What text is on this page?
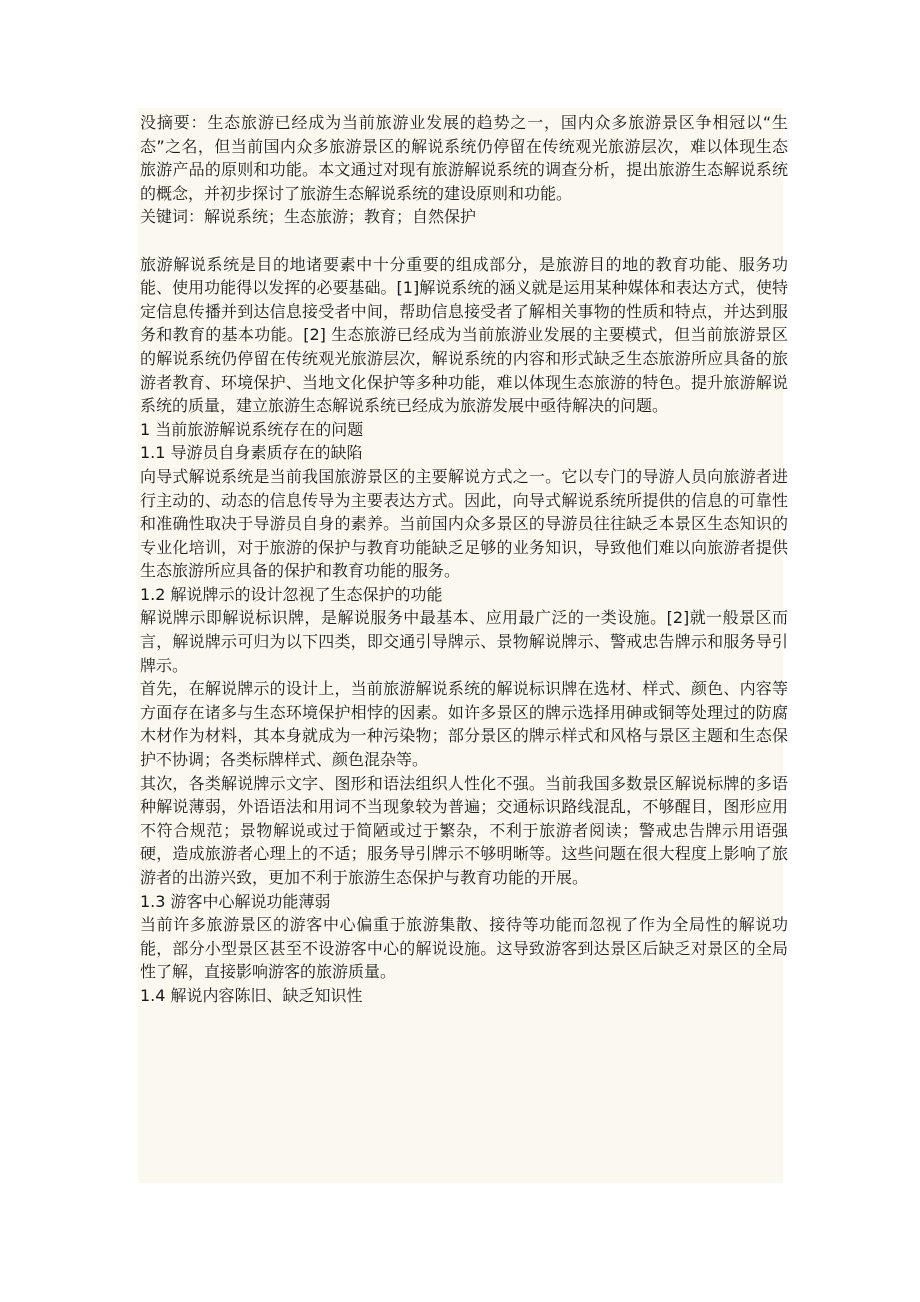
没摘要：生态旅游已经成为当前旅游业发展的趋势之一，国内众多旅游景区争相冠以“生态”之名，但当前国内众多旅游景区的解说系统仍停留在传统观光旅游层次，难以体现生态旅游产品的原则和功能。本文通过对现有旅游解说系统的调查分析，提出旅游生态解说系统的概念，并初步探讨了旅游生态解说系统的建设原则和功能。

关键词：解说系统；生态旅游；教育；自然保护

旅游解说系统是目的地诸要素中十分重要的组成部分，是旅游目的地的教育功能、服务功能、使用功能得以发挥的必要基础。[1]解说系统的涵义就是运用某种媒体和表达方式，使特定信息传播并到达信息接受者中间，帮助信息接受者了解相关事物的性质和特点，并达到服务和教育的基本功能。[2] 生态旅游已经成为当前旅游业发展的主要模式，但当前旅游景区的解说系统仍停留在传统观光旅游层次，解说系统的内容和形式缺乏生态旅游所应具备的旅游者教育、环境保护、当地文化保护等多种功能，难以体现生态旅游的特色。提升旅游解说系统的质量，建立旅游生态解说系统已经成为旅游发展中亟待解决的问题。

1 当前旅游解说系统存在的问题

1.1 导游员自身素质存在的缺陷

向导式解说系统是当前我国旅游景区的主要解说方式之一。它以专门的导游人员向旅游者进行主动的、动态的信息传导为主要表达方式。因此，向导式解说系统所提供的信息的可靠性和准确性取决于导游员自身的素养。当前国内众多景区的导游员往往缺乏本景区生态知识的专业化培训，对于旅游的保护与教育功能缺乏足够的业务知识，导致他们难以向旅游者提供生态旅游所应具备的保护和教育功能的服务。

1.2 解说牌示的设计忽视了生态保护的功能

解说牌示即解说标识牌，是解说服务中最基本、应用最广泛的一类设施。[2]就一般景区而言，解说牌示可归为以下四类，即交通引导牌示、景物解说牌示、警戒忠告牌示和服务导引牌示。

首先，在解说牌示的设计上，当前旅游解说系统的解说标识牌在选材、样式、颜色、内容等方面存在诸多与生态环境保护相悖的因素。如许多景区的牌示选择用砷或铜等处理过的防腐木材作为材料，其本身就成为一种污染物；部分景区的牌示样式和风格与景区主题和生态保护不协调；各类标牌样式、颜色混杂等。

其次，各类解说牌示文字、图形和语法组织人性化不强。当前我国多数景区解说标牌的多语种解说薄弱，外语语法和用词不当现象较为普遍；交通标识路线混乱，不够醒目，图形应用不符合规范；景物解说或过于简陋或过于繁杂，不利于旅游者阅读；警戒忠告牌示用语强硬，造成旅游者心理上的不适；服务导引牌示不够明晰等。这些问题在很大程度上影响了旅游者的出游兴致，更加不利于旅游生态保护与教育功能的开展。

1.3 游客中心解说功能薄弱

当前许多旅游景区的游客中心偏重于旅游集散、接待等功能而忽视了作为全局性的解说功能，部分小型景区甚至不设游客中心的解说设施。这导致游客到达景区后缺乏对景区的全局性了解，直接影响游客的旅游质量。

1.4 解说内容陈旧、缺乏知识性
